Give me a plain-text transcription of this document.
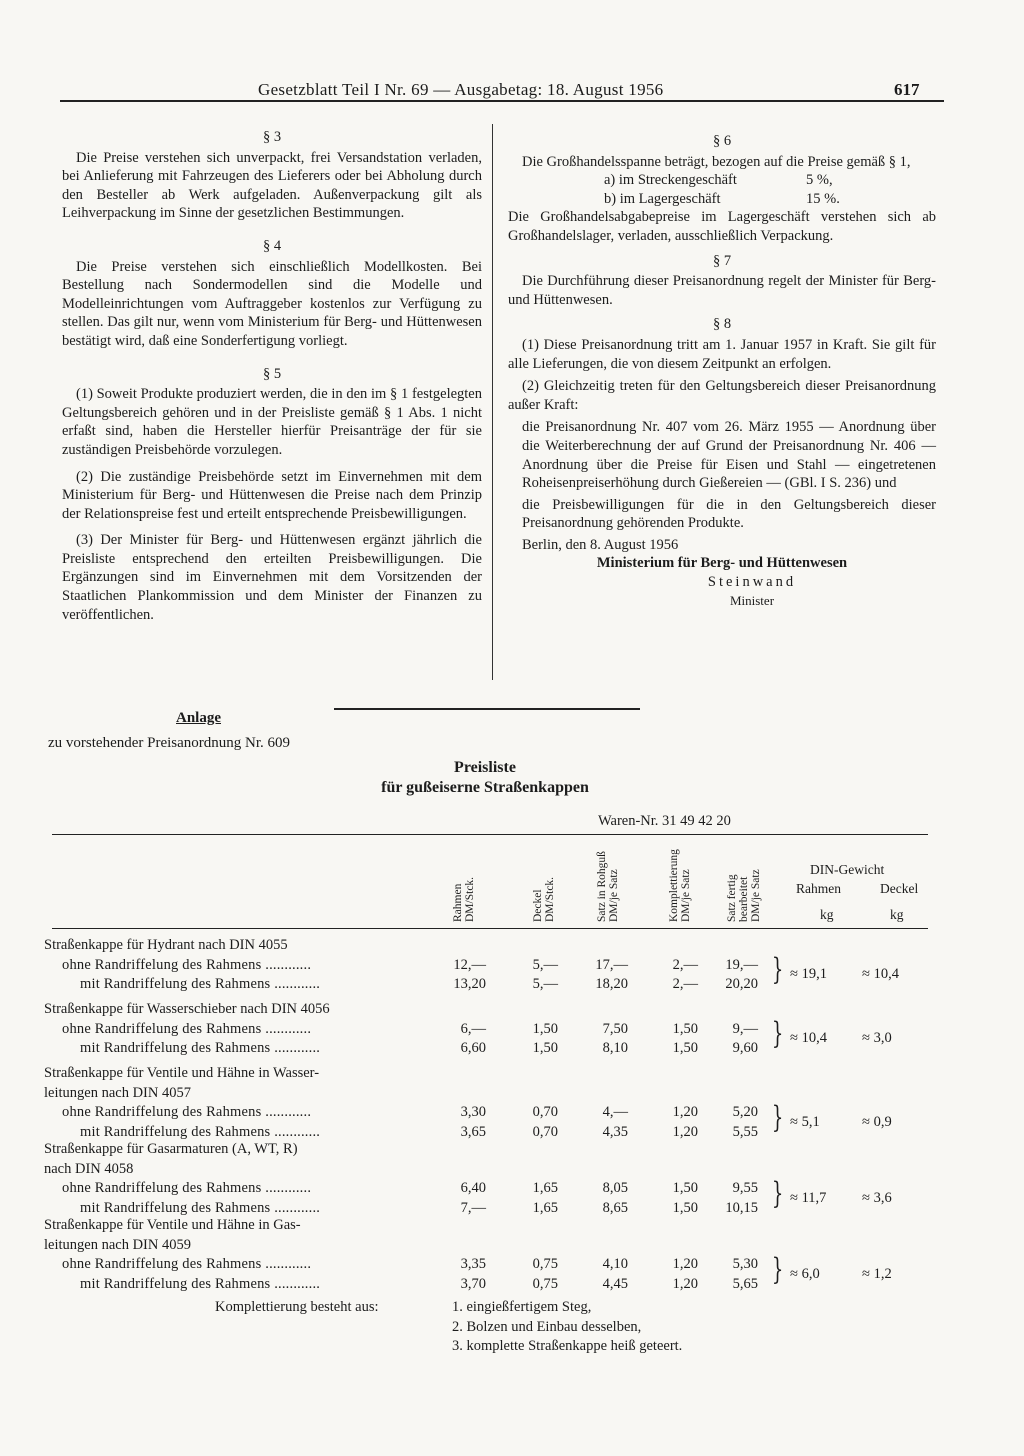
Gesetzblatt Teil I Nr. 69 — Ausgabetag: 18. August 1956	617

§ 3

Die Preise verstehen sich unverpackt, frei Versandstation verladen, bei Anlieferung mit Fahrzeugen des Lieferers oder bei Abholung durch den Besteller ab Werk aufgeladen. Außenverpackung gilt als Leihverpackung im Sinne der gesetzlichen Bestimmungen.

§ 4

Die Preise verstehen sich einschließlich Modellkosten. Bei Bestellung nach Sondermodellen sind die Modelle und Modelleinrichtungen vom Auftraggeber kostenlos zur Verfügung zu stellen. Das gilt nur, wenn vom Ministerium für Berg- und Hüttenwesen bestätigt wird, daß eine Sonderfertigung vorliegt.

§ 5

(1) Soweit Produkte produziert werden, die in den im § 1 festgelegten Geltungsbereich gehören und in der Preisliste gemäß § 1 Abs. 1 nicht erfaßt sind, haben die Hersteller hierfür Preisanträge der für sie zuständigen Preisbehörde vorzulegen.

(2) Die zuständige Preisbehörde setzt im Einvernehmen mit dem Ministerium für Berg- und Hüttenwesen die Preise nach dem Prinzip der Relationspreise fest und erteilt entsprechende Preisbewilligungen.

(3) Der Minister für Berg- und Hüttenwesen ergänzt jährlich die Preisliste entsprechend den erteilten Preisbewilligungen. Die Ergänzungen sind im Einvernehmen mit dem Vorsitzenden der Staatlichen Plankommission und dem Minister der Finanzen zu veröffentlichen.

§ 6

Die Großhandelsspanne beträgt, bezogen auf die Preise gemäß § 1,

a) im Streckengeschäft	5 %,

b) im Lagergeschäft	15 %.

Die Großhandelsabgabepreise im Lagergeschäft verstehen sich ab Großhandelslager, verladen, ausschließlich Verpackung.

§ 7

Die Durchführung dieser Preisanordnung regelt der Minister für Berg- und Hüttenwesen.

§ 8

(1) Diese Preisanordnung tritt am 1. Januar 1957 in Kraft. Sie gilt für alle Lieferungen, die von diesem Zeitpunkt an erfolgen.

(2) Gleichzeitig treten für den Geltungsbereich dieser Preisanordnung außer Kraft:

die Preisanordnung Nr. 407 vom 26. März 1955 — Anordnung über die Weiterberechnung der auf Grund der Preisanordnung Nr. 406 — Anordnung über die Preise für Eisen und Stahl — eingetretenen Roheisenpreiserhöhung durch Gießereien — (GBl. I S. 236) und

die Preisbewilligungen für die in den Geltungsbereich dieser Preisanordnung gehörenden Produkte.

Berlin, den 8. August 1956

Ministerium für Berg- und Hüttenwesen

Steinwand

Minister

Anlage
zu vorstehender Preisanordnung Nr. 609
Preisliste
für gußeiserne Straßenkappen
Waren-Nr. 31 49 42 20
Rahmen DM/Stck.	Deckel DM/Stck.	Satz in Rohguß DM/je Satz	Komplettierung DM/je Satz	Satz fertig bearbeitet DM/je Satz	DIN-Gewicht
Rahmen	Deckel
kg	kg
Straßenkappe für Hydrant nach DIN 4055
ohne Randriffelung des Rahmens ............	12,—	5,—	17,—	2,—	19,—
mit Randriffelung des Rahmens ............	13,20	5,—	18,20	2,—	20,20 } ≈ 19,1 ≈ 10,4
Straßenkappe für Wasserschieber nach DIN 4056
ohne Randriffelung des Rahmens ............	6,—	1,50	7,50	1,50	9,—
mit Randriffelung des Rahmens ............	6,60	1,50	8,10	1,50	9,60 } ≈ 10,4 ≈ 3,0
Straßenkappe für Ventile und Hähne in Wasser-
leitungen nach DIN 4057
ohne Randriffelung des Rahmens ............	3,30	0,70	4,—	1,20	5,20
mit Randriffelung des Rahmens ............	3,65	0,70	4,35	1,20	5,55 } ≈ 5,1	≈ 0,9
Straßenkappe für Gasarmaturen (A, WT, R)
nach DIN 4058
ohne Randriffelung des Rahmens ............	6,40	1,65	8,05	1,50	9,55
mit Randriffelung des Rahmens ............	7,—	1,65	8,65	1,50	10,15 } ≈ 11,7 ≈ 3,6
Straßenkappe für Ventile und Hähne in Gas-
leitungen nach DIN 4059
ohne Randriffelung des Rahmens ............	3,35	0,75	4,10	1,20	5,30
mit Randriffelung des Rahmens ............	3,70	0,75	4,45	1,20	5,65 } ≈ 6,0	≈ 1,2
Komplettierung besteht aus:	1. eingießfertigem Steg,
2. Bolzen und Einbau desselben,
3. komplette Straßenkappe heiß geteert.
